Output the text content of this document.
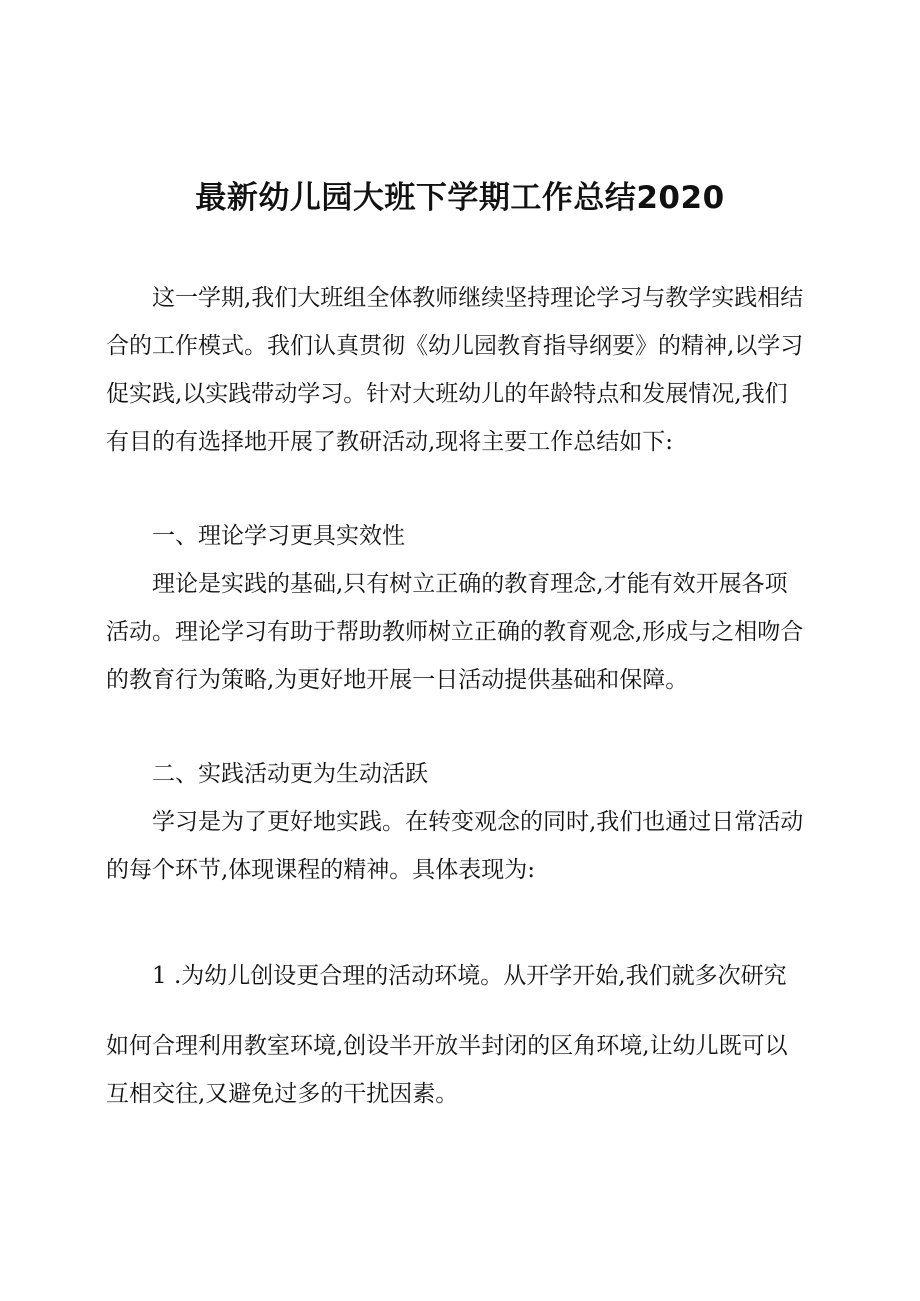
最新幼儿园大班下学期工作总结2020
这一学期,我们大班组全体教师继续坚持理论学习与教学实践相结
合的工作模式。我们认真贯彻《幼儿园教育指导纲要》的精神,以学习
促实践,以实践带动学习。针对大班幼儿的年龄特点和发展情况,我们
有目的有选择地开展了教研活动,现将主要工作总结如下:
一、理论学习更具实效性
理论是实践的基础,只有树立正确的教育理念,才能有效开展各项
活动。理论学习有助于帮助教师树立正确的教育观念,形成与之相吻合
的教育行为策略,为更好地开展一日活动提供基础和保障。
二、实践活动更为生动活跃
学习是为了更好地实践。在转变观念的同时,我们也通过日常活动
的每个环节,体现课程的精神。具体表现为:
1 .为幼儿创设更合理的活动环境。从开学开始,我们就多次研究
如何合理利用教室环境,创设半开放半封闭的区角环境,让幼儿既可以
互相交往,又避免过多的干扰因素。
